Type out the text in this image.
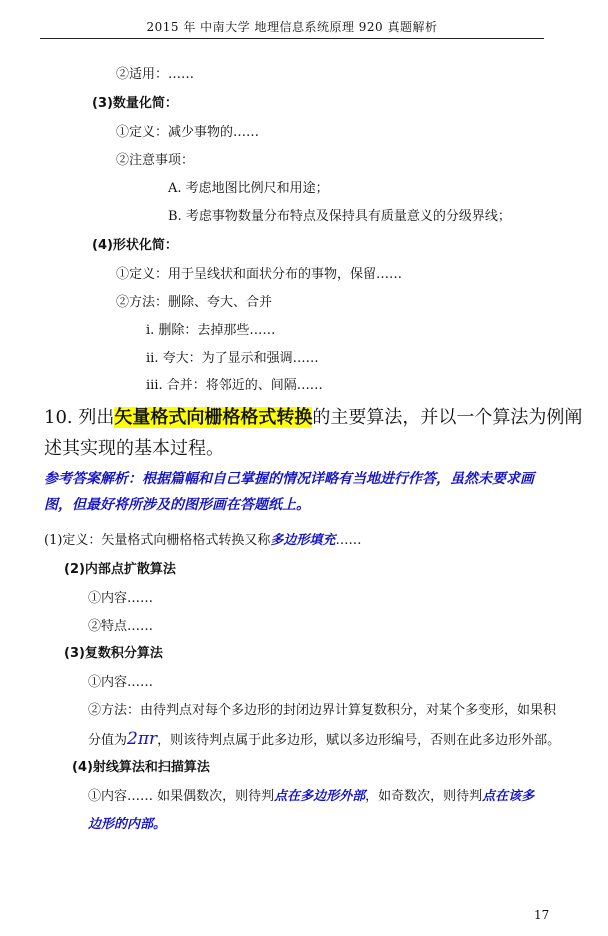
2015 年 中南大学 地理信息系统原理 920 真题解析
②适用：……
(3)数量化简：
①定义：减少事物的……
②注意事项：
A. 考虑地图比例尺和用途；
B. 考虑事物数量分布特点及保持具有质量意义的分级界线；
(4)形状化简：
①定义：用于呈线状和面状分布的事物，保留……
②方法：删除、夸大、合并
ⅰ. 删除：去掉那些……
ⅱ. 夸大：为了显示和强调……
ⅲ. 合并：将邻近的、间隔……
10. 列出矢量格式向栅格格式转换的主要算法，并以一个算法为例阐
述其实现的基本过程。
参考答案解析：根据篇幅和自己掌握的情况详略有当地进行作答，虽然未要求画图，但最好将所涉及的图形画在答题纸上。
(1)定义：矢量格式向栅格格式转换又称多边形填充……
(2)内部点扩散算法
①内容……
②特点……
(3)复数积分算法
①内容……
②方法：由待判点对每个多边形的封闭边界计算复数积分，对某个多变形，如果积
分值为2πr，则该待判点属于此多边形，赋以多边形编号，否则在此多边形外部。
(4)射线算法和扫描算法
①内容…… 如果偶数次，则待判点在多边形外部，如奇数次，则待判点在该多
边形的内部。
17
